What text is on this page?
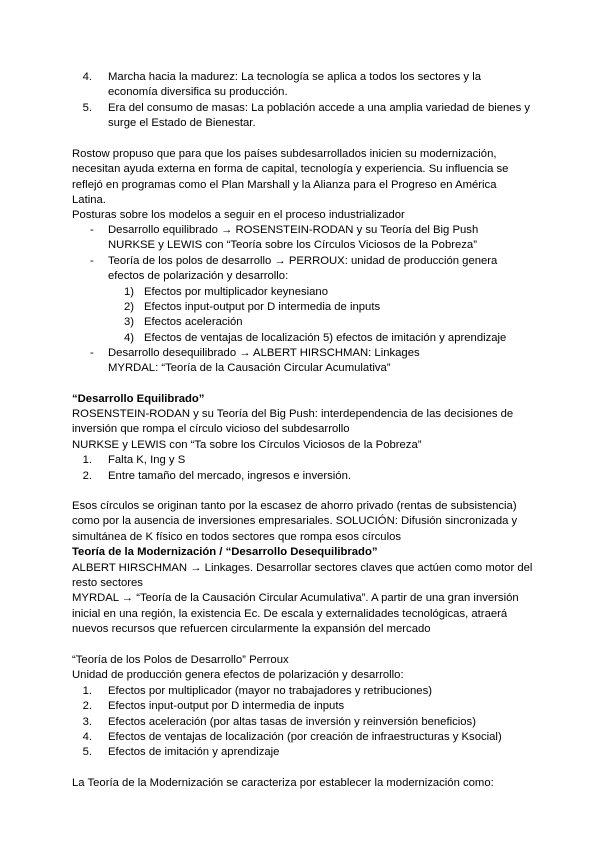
4. Marcha hacia la madurez: La tecnología se aplica a todos los sectores y la economía diversifica su producción.
5. Era del consumo de masas: La población accede a una amplia variedad de bienes y surge el Estado de Bienestar.

Rostow propuso que para que los países subdesarrollados inicien su modernización, necesitan ayuda externa en forma de capital, tecnología y experiencia. Su influencia se reflejó en programas como el Plan Marshall y la Alianza para el Progreso en América Latina.

Posturas sobre los modelos a seguir en el proceso industrializador

-	Desarrollo equilibrado → ROSENSTEIN-RODAN y su Teoría del Big Push

NURKSE y LEWIS con “Teoría sobre los Círculos Viciosos de la Pobreza”

-	Teoría de los polos de desarrollo → PERROUX: unidad de producción genera

efectos de polarización y desarrollo:

1) Efectos por multiplicador keynesiano
2) Efectos input-output por D intermedia de inputs
3) Efectos aceleración
4) Efectos de ventajas de localización 5) efectos de imitación y aprendizaje
-	Desarrollo desequilibrado → ALBERT HIRSCHMAN: Linkages

MYRDAL: “Teoría de la Causación Circular Acumulativa”

“Desarrollo Equilibrado”

ROSENSTEIN-RODAN y su Teoría del Big Push: interdependencia de las decisiones de

inversión que rompa el círculo vicioso del subdesarrollo

NURKSE y LEWIS con “Ta sobre los Círculos Viciosos de la Pobreza”

1. Falta K, Ing y S
2. Entre tamaño del mercado, ingresos e inversión.

Esos círculos se originan tanto por la escasez de ahorro privado (rentas de subsistencia) como por la ausencia de inversiones empresariales. SOLUCIÓN: Difusión sincronizada y simultánea de K físico en todos sectores que rompa esos círculos

Teoría de la Modernización / “Desarrollo Desequilibrado”

ALBERT HIRSCHMAN → Linkages. Desarrollar sectores claves que actúen como motor del

resto sectores

MYRDAL → “Teoría de la Causación Circular Acumulativa”. A partir de una gran inversión

inicial en una región, la existencia Ec. De escala y externalidades tecnológicas, atraerá

nuevos recursos que refuercen circularmente la expansión del mercado

“Teoría de los Polos de Desarrollo” Perroux

Unidad de producción genera efectos de polarización y desarrollo:

1. Efectos por multiplicador (mayor no trabajadores y retribuciones)
2. Efectos input-output por D intermedia de inputs
3. Efectos aceleración (por altas tasas de inversión y reinversión beneficios)
4. Efectos de ventajas de localización (por creación de infraestructuras y Ksocial)
5. Efectos de imitación y aprendizaje

La Teoría de la Modernización se caracteriza por establecer la modernización como:
